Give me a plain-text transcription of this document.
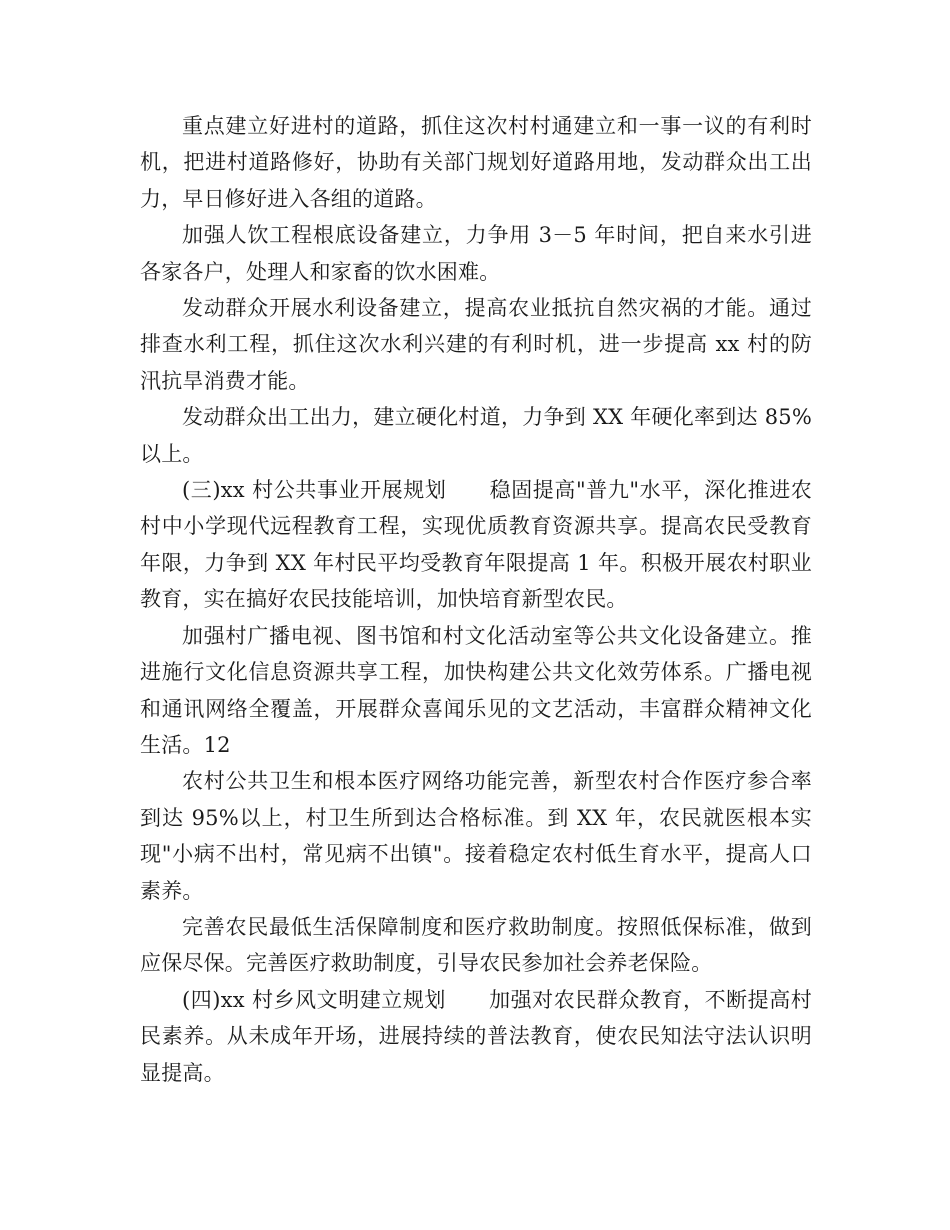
重点建立好进村的道路，抓住这次村村通建立和一事一议的有利时机，把进村道路修好，协助有关部门规划好道路用地，发动群众出工出力，早日修好进入各组的道路。

加强人饮工程根底设备建立，力争用 3－5 年时间，把自来水引进各家各户，处理人和家畜的饮水困难。

发动群众开展水利设备建立，提高农业抵抗自然灾祸的才能。通过排查水利工程，抓住这次水利兴建的有利时机，进一步提高 xx 村的防汛抗旱消费才能。

发动群众出工出力，建立硬化村道，力争到 XX 年硬化率到达 85%以上。

(三)xx 村公共事业开展规划　　稳固提高"普九"水平，深化推进农村中小学现代远程教育工程，实现优质教育资源共享。提高农民受教育年限，力争到 XX 年村民平均受教育年限提高 1 年。积极开展农村职业教育，实在搞好农民技能培训，加快培育新型农民。

加强村广播电视、图书馆和村文化活动室等公共文化设备建立。推进施行文化信息资源共享工程，加快构建公共文化效劳体系。广播电视和通讯网络全覆盖，开展群众喜闻乐见的文艺活动，丰富群众精神文化生活。12

农村公共卫生和根本医疗网络功能完善，新型农村合作医疗参合率到达 95%以上，村卫生所到达合格标准。到 XX 年，农民就医根本实现"小病不出村，常见病不出镇"。接着稳定农村低生育水平，提高人口素养。

完善农民最低生活保障制度和医疗救助制度。按照低保标准，做到应保尽保。完善医疗救助制度，引导农民参加社会养老保险。

(四)xx 村乡风文明建立规划　　加强对农民群众教育，不断提高村民素养。从未成年开场，进展持续的普法教育，使农民知法守法认识明显提高。
